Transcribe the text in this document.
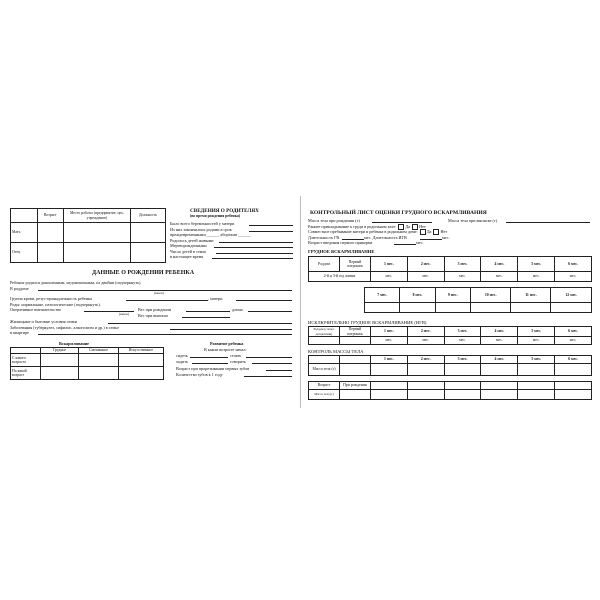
	Возраст	Место работы (предприятие, цех, учреждение)	Должность
Мать			
Отец			
СВЕДЕНИЯ О РОДИТЕЛЯХ
(во время рождения ребенка)
Было всего беременностей у матери
Из них закончились родами в срок
преждевременными ______ абортами ______
Родилось детей живыми
Мертворожденными
Число детей в семье
в настоящее время
ДАННЫЕ О РОЖДЕНИИ РЕБЕНКА
Ребенок родился доношенным, недоношенным, из двойни (подчеркнуть).
В роддоме
(какое)
Группа крови, резус-принадлежность ребенка	, матери
Роды: нормальные, патологические (подчеркнуть).
Оперативное вмешательство	Вес при рождении	длина
(какое) Вес при выписке
Жилищные и бытовые условия семьи
Заболевания (туберкулез, сифилис, алкоголизм и др.) в семье
в квартире
Вскармливание
	Грудное	Смешанное	Искусственное
С какого возраста			
По какой возраст			
Развитие ребенка
В каком возрасте начал:
сидеть	стоять
ходить	говорить
Возраст при прорезывании первых зубов
Количество зубов к 1 году
КОНТРОЛЬНЫЙ ЛИСТ ОЦЕНКИ ГРУДНОГО ВСКАРМЛИВАНИЯ
Масса тела при рождении (г)	Масса тела при выписке (г)
Раннее прикладывание к груди в родильном зале: Да Нет
Совместное пребывание матери и ребенка в родильном доме: Да Нет
Длительность ГВ	мес. Длительность ИГВ	мес.
Возраст введения первого прикорма	мес.
ГРУДНОЕ ВСКАРМЛИВАНИЕ
Роддом	Первый патронаж	1 мес.	2 мес.	3 мес.	4 мес.	5 мес.	6 мес.
2-й и 3-й год жизни		мес.	мес.	мес.	мес.	мес.	мес.
7 мес.	8 мес.	9 мес.	10 мес.	11 мес.	12 мес.

ИСКЛЮЧИТЕЛЬНО ГРУДНОЕ ВСКАРМЛИВАНИЕ (ИГВ)
Роддом (с искл. детоясками)	Первый патронаж	1 мес.	2 мес.	3 мес.	4 мес.	5 мес.	6 мес.
		мес.	мес.	мес.	мес.	мес.	мес.
КОНТРОЛЬ МАССЫ ТЕЛА
		1 мес.	2 мес.	3 мес.	4 мес.	5 мес.	6 мес.
Масса тела (г)							
Возраст	При рождении						
Масса тела (г)							
